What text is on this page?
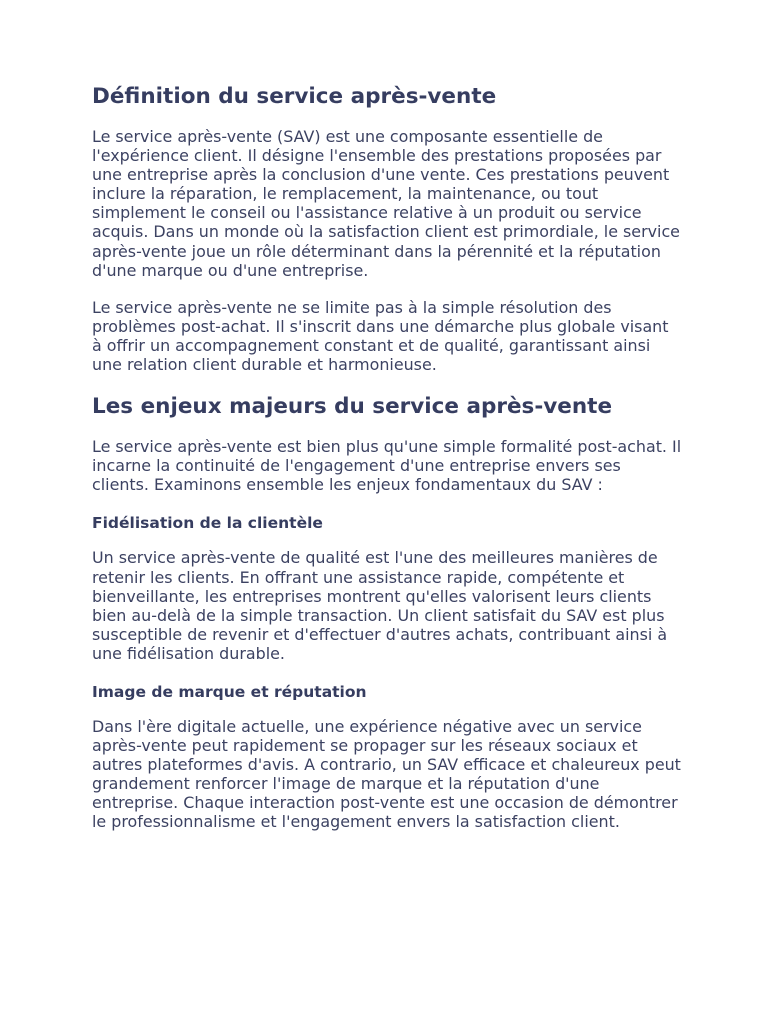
Définition du service après-vente

Le service après-vente (SAV) est une composante essentielle de l'expérience client. Il désigne l'ensemble des prestations proposées par une entreprise après la conclusion d'une vente. Ces prestations peuvent inclure la réparation, le remplacement, la maintenance, ou tout simplement le conseil ou l'assistance relative à un produit ou service acquis. Dans un monde où la satisfaction client est primordiale, le service après-vente joue un rôle déterminant dans la pérennité et la réputation d'une marque ou d'une entreprise.

Le service après-vente ne se limite pas à la simple résolution des problèmes post-achat. Il s'inscrit dans une démarche plus globale visant à offrir un accompagnement constant et de qualité, garantissant ainsi une relation client durable et harmonieuse.

Les enjeux majeurs du service après-vente

Le service après-vente est bien plus qu'une simple formalité post-achat. Il incarne la continuité de l'engagement d'une entreprise envers ses clients. Examinons ensemble les enjeux fondamentaux du SAV :

Fidélisation de la clientèle

Un service après-vente de qualité est l'une des meilleures manières de retenir les clients. En offrant une assistance rapide, compétente et bienveillante, les entreprises montrent qu'elles valorisent leurs clients bien au-delà de la simple transaction. Un client satisfait du SAV est plus susceptible de revenir et d'effectuer d'autres achats, contribuant ainsi à une fidélisation durable.

Image de marque et réputation

Dans l'ère digitale actuelle, une expérience négative avec un service après-vente peut rapidement se propager sur les réseaux sociaux et autres plateformes d'avis. A contrario, un SAV efficace et chaleureux peut grandement renforcer l'image de marque et la réputation d'une entreprise. Chaque interaction post-vente est une occasion de démontrer le professionnalisme et l'engagement envers la satisfaction client.
